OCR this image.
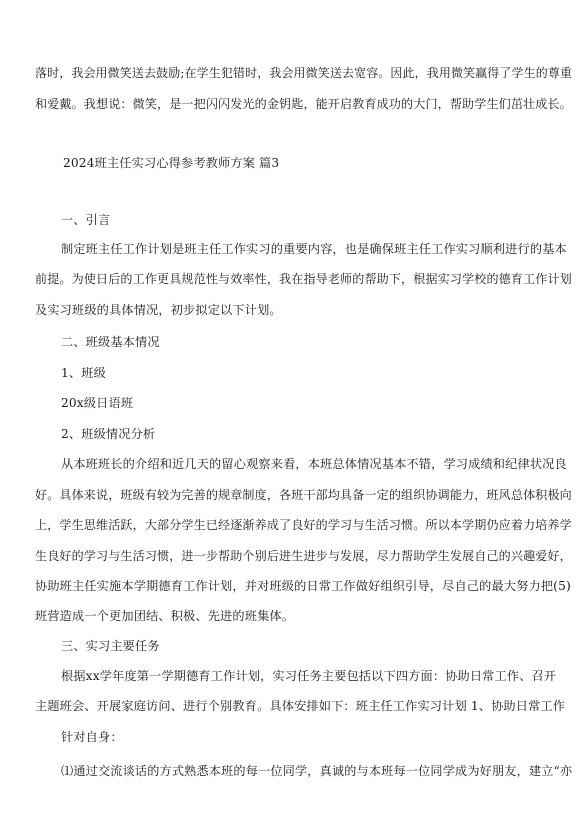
落时，我会用微笑送去鼓励;在学生犯错时，我会用微笑送去宽容。因此，我用微笑赢得了学生的尊重
和爱戴。我想说：微笑，是一把闪闪发光的金钥匙，能开启教育成功的大门，帮助学生们茁壮成长。
2024班主任实习心得参考教师方案 篇3
一、引言
制定班主任工作计划是班主任工作实习的重要内容，也是确保班主任工作实习顺利进行的基本
前提。为使日后的工作更具规范性与效率性，我在指导老师的帮助下，根据实习学校的德育工作计划
及实习班级的具体情况，初步拟定以下计划。
二、班级基本情况
1、班级
20x级日语班
2、班级情况分析
从本班班长的介绍和近几天的留心观察来看，本班总体情况基本不错，学习成绩和纪律状况良
好。具体来说，班级有较为完善的规章制度，各班干部均具备一定的组织协调能力，班风总体积极向
上，学生思维活跃，大部分学生已经逐渐养成了良好的学习与生活习惯。所以本学期仍应着力培养学
生良好的学习与生活习惯，进一步帮助个别后进生进步与发展，尽力帮助学生发展自己的兴趣爱好，
协助班主任实施本学期德育工作计划，并对班级的日常工作做好组织引导，尽自己的最大努力把(5)
班营造成一个更加团结、积极、先进的班集体。
三、实习主要任务
根据xx学年度第一学期德育工作计划，实习任务主要包括以下四方面：协助日常工作、召开
主题班会、开展家庭访问、进行个别教育。具体安排如下：班主任工作实习计划 1、协助日常工作
针对自身：
⑴通过交流谈话的方式熟悉本班的每一位同学，真诚的与本班每一位同学成为好朋友，建立“亦
